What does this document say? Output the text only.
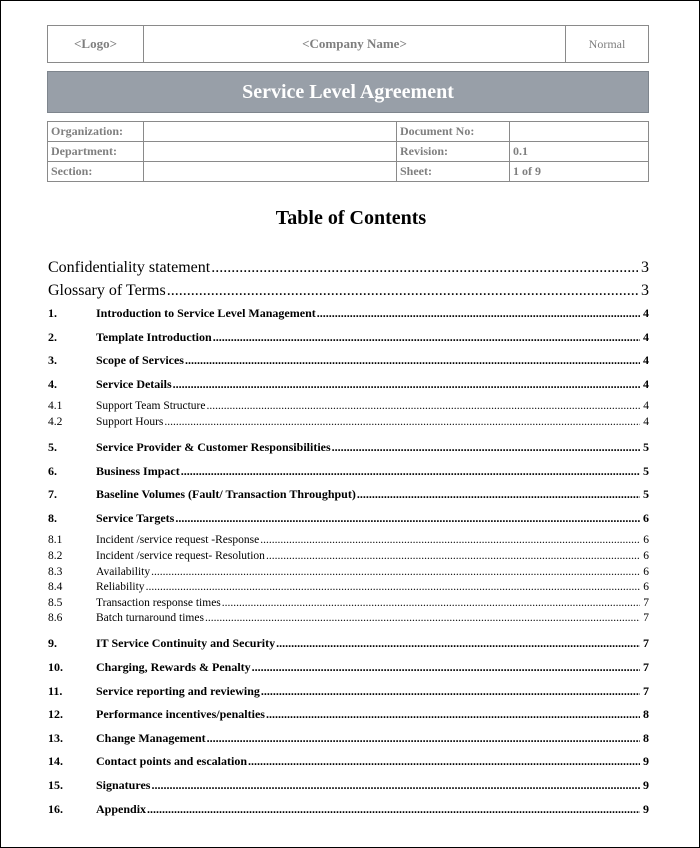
<Logo>	<Company Name>	Normal
Service Level Agreement
Organization:		Document No:	
Department:		Revision:	0.1
Section:		Sheet:	1 of 9
Table of Contents
Confidentiality statement .....	3
Glossary of Terms .....	3
1.	Introduction to Service Level Management .....	4
2.	Template Introduction .....	4
3.	Scope of Services .....	4
4.	Service Details .....	4
4.1	Support Team Structure .....	4
4.2	Support Hours .....	4
5.	Service Provider & Customer Responsibilities .....	5
6.	Business Impact .....	5
7.	Baseline Volumes (Fault/ Transaction Throughput) .....	5
8.	Service Targets .....	6
8.1	Incident /service request -Response .....	6
8.2	Incident /service request- Resolution .....	6
8.3	Availability .....	6
8.4	Reliability .....	6
8.5	Transaction response times .....	7
8.6	Batch turnaround times .....	7
9.	IT Service Continuity and Security .....	7
10.	Charging, Rewards & Penalty .....	7
11.	Service reporting and reviewing .....	7
12.	Performance incentives/penalties .....	8
13.	Change Management .....	8
14.	Contact points and escalation .....	9
15.	Signatures .....	9
16.	Appendix .....	9
